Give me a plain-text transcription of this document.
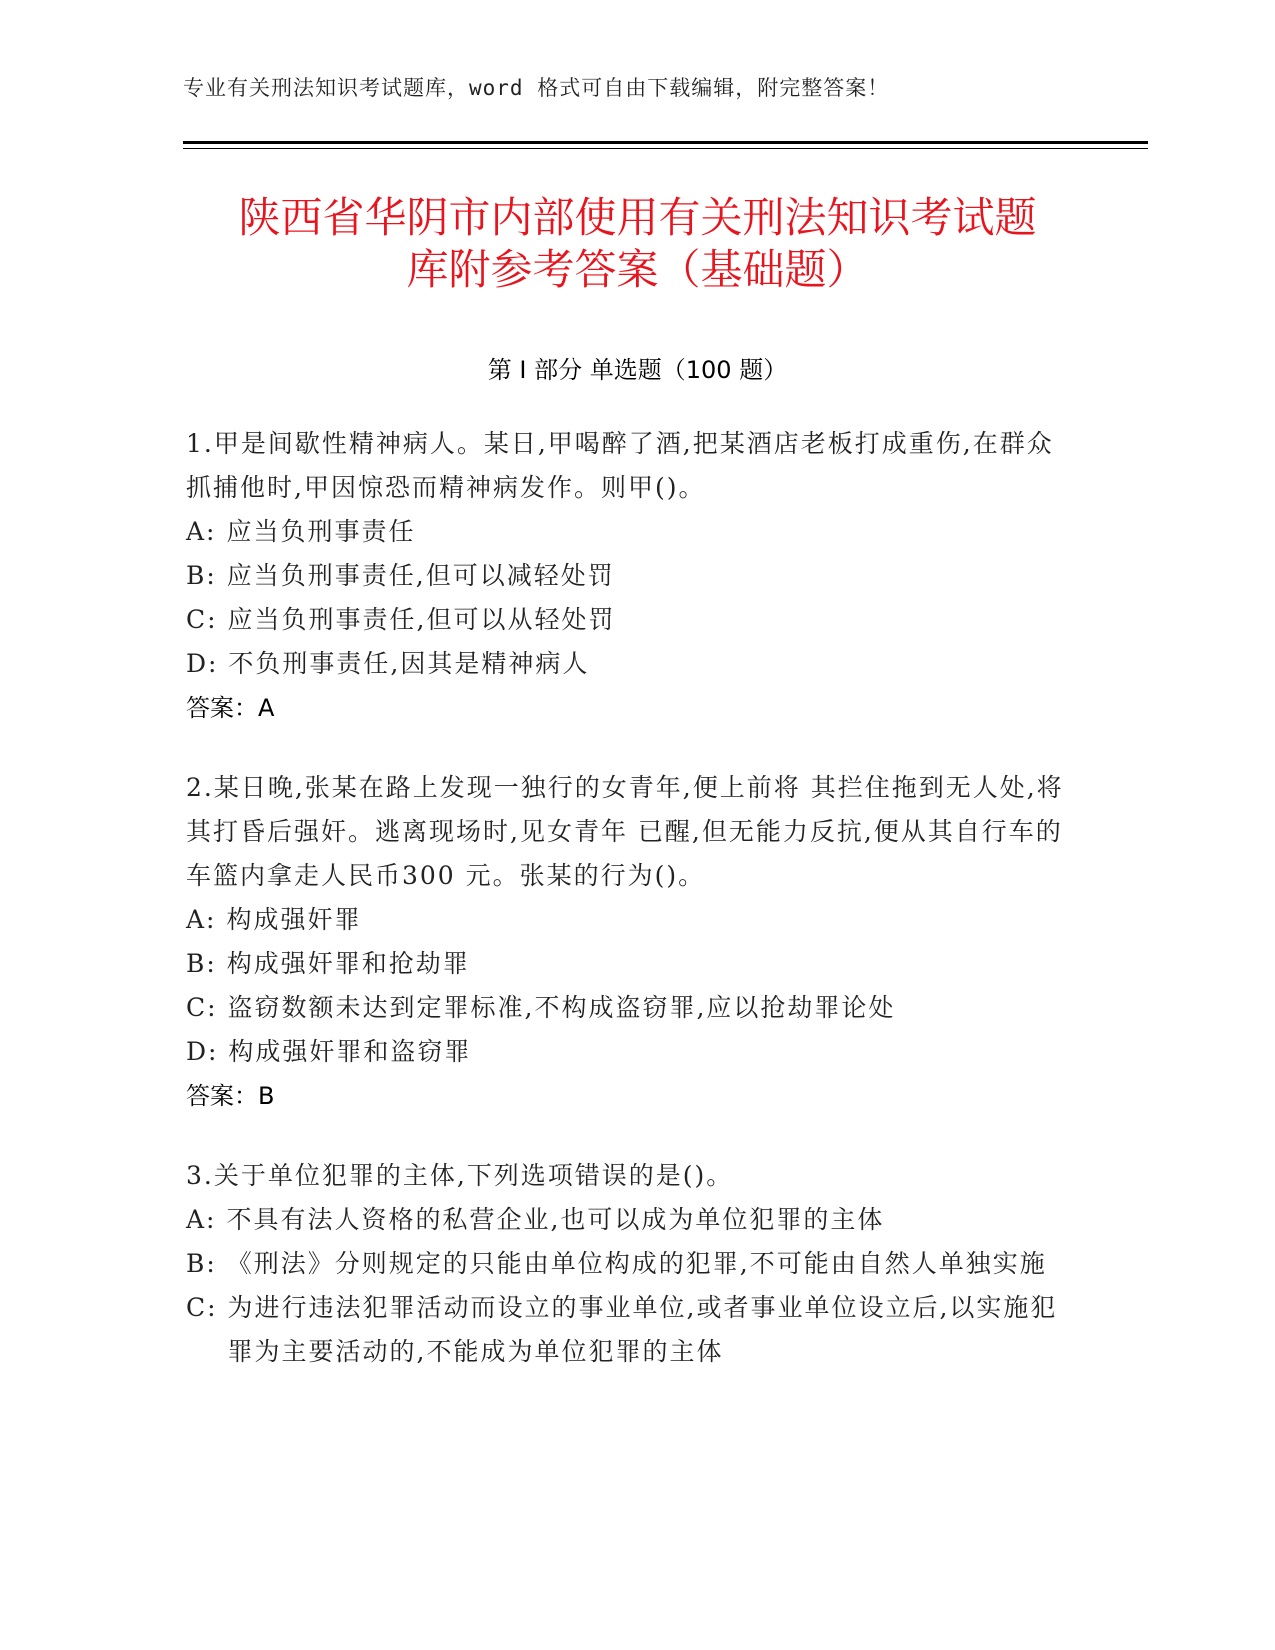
专业有关刑法知识考试题库，word 格式可自由下载编辑，附完整答案！
陕西省华阴市内部使用有关刑法知识考试题
库附参考答案（基础题）
第 I 部分 单选题（100 题）

1.甲是间歇性精神病人。某日,甲喝醉了酒,把某酒店老板打成重伤,在群众抓捕他时,甲因惊恐而精神病发作。则甲()。

A:
应当负刑事责任
B:
应当负刑事责任,但可以减轻处罚
C:
应当负刑事责任,但可以从轻处罚
D:
不负刑事责任,因其是精神病人

答案：A

2.某日晚,张某在路上发现一独行的女青年,便上前将 其拦住拖到无人处,将其打昏后强奸。逃离现场时,见女青年 已醒,但无能力反抗,便从其自行车的车篮内拿走人民币300 元。张某的行为()。

A:
构成强奸罪
B:
构成强奸罪和抢劫罪
C:
盗窃数额未达到定罪标准,不构成盗窃罪,应以抢劫罪论处
D:
构成强奸罪和盗窃罪

答案：B

3.关于单位犯罪的主体,下列选项错误的是()。

A:
不具有法人资格的私营企业,也可以成为单位犯罪的主体
B:
《刑法》分则规定的只能由单位构成的犯罪,不可能由自然人单独实施
C:
为进行违法犯罪活动而设立的事业单位,或者事业单位设立后,以实施犯罪为主要活动的,不能成为单位犯罪的主体
